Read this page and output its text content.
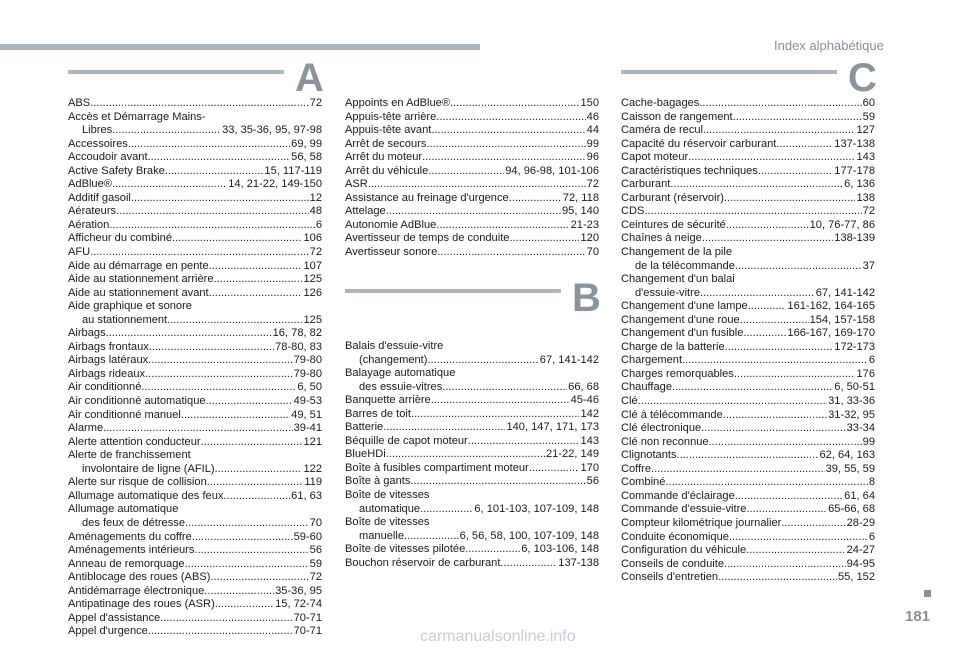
Index alphabétique
A
B
C
ABS .....	72
Accès et Démarrage Mains-
Libres .....	33, 35-36, 95, 97-98
Accessoires .....	69, 99
Accoudoir avant .....	56, 58
Active Safety Brake .....	15, 117-119
AdBlue® .....	14, 21-22, 149-150
Additif gasoil .....	12
Aérateurs .....	48
Aération .....	6
Afficheur du combiné .....	106
AFU .....	72
Aide au démarrage en pente .....	107
Aide au stationnement arrière .....	125
Aide au stationnement avant .....	126
Aide graphique et sonore
au stationnement .....	125
Airbags .....	16, 78, 82
Airbags frontaux .....	78-80, 83
Airbags latéraux .....	79-80
Airbags rideaux .....	79-80
Air conditionné .....	6, 50
Air conditionné automatique .....	49-53
Air conditionné manuel .....	49, 51
Alarme .....	39-41
Alerte attention conducteur .....	121
Alerte de franchissement
involontaire de ligne (AFIL) .....	122
Alerte sur risque de collision .....	119
Allumage automatique des feux .....	61, 63
Allumage automatique
des feux de détresse .....	70
Aménagements du coffre .....	59-60
Aménagements intérieurs .....	56
Anneau de remorquage .....	59
Antiblocage des roues (ABS) .....	72
Antidémarrage électronique .....	35-36, 95
Antipatinage des roues (ASR) .....	15, 72-74
Appel d'assistance .....	70-71
Appel d'urgence .....	70-71
Appoints en AdBlue® .....	150
Appuis-tête arrière .....	46
Appuis-tête avant .....	44
Arrêt de secours .....	99
Arrêt du moteur .....	96
Arrêt du véhicule .....	94, 96-98, 101-106
ASR .....	72
Assistance au freinage d'urgence .....	72, 118
Attelage .....	95, 140
Autonomie AdBlue .....	21-23
Avertisseur de temps de conduite .....	120
Avertisseur sonore .....	70
Balais d'essuie-vitre
(changement) .....	67, 141-142
Balayage automatique
des essuie-vitres .....	66, 68
Banquette arrière .....	45-46
Barres de toit .....	142
Batterie .....	140, 147, 171, 173
Béquille de capot moteur .....	143
BlueHDi .....	21-22, 149
Boîte à fusibles compartiment moteur .....	170
Boîte à gants .....	56
Boîte de vitesses
automatique .....	6, 101-103, 107-109, 148
Boîte de vitesses
manuelle .....	6, 56, 58, 100, 107-109, 148
Boîte de vitesses pilotée .....	6, 103-106, 148
Bouchon réservoir de carburant .....	137-138
Cache-bagages .....	60
Caisson de rangement .....	59
Caméra de recul .....	127
Capacité du réservoir carburant .....	137-138
Capot moteur .....	143
Caractéristiques techniques .....	177-178
Carburant .....	6, 136
Carburant (réservoir) .....	138
CDS .....	72
Ceintures de sécurité .....	10, 76-77, 86
Chaînes à neige .....	138-139
Changement de la pile
de la télécommande .....	37
Changement d'un balai
d'essuie-vitre .....	67, 141-142
Changement d'une lampe .....	161-162, 164-165
Changement d'une roue .....	154, 157-158
Changement d'un fusible .....	166-167, 169-170
Charge de la batterie .....	172-173
Chargement .....	6
Charges remorquables .....	176
Chauffage .....	6, 50-51
Clé .....	31, 33-36
Clé à télécommande .....	31-32, 95
Clé électronique .....	33-34
Clé non reconnue .....	99
Clignotants .....	62, 64, 163
Coffre .....	39, 55, 59
Combiné .....	8
Commande d'éclairage .....	61, 64
Commande d'essuie-vitre .....	65-66, 68
Compteur kilométrique journalier .....	28-29
Conduite économique .....	6
Configuration du véhicule .....	24-27
Conseils de conduite .....	94-95
Conseils d'entretien .....	55, 152
181
carmanualsonline.info
